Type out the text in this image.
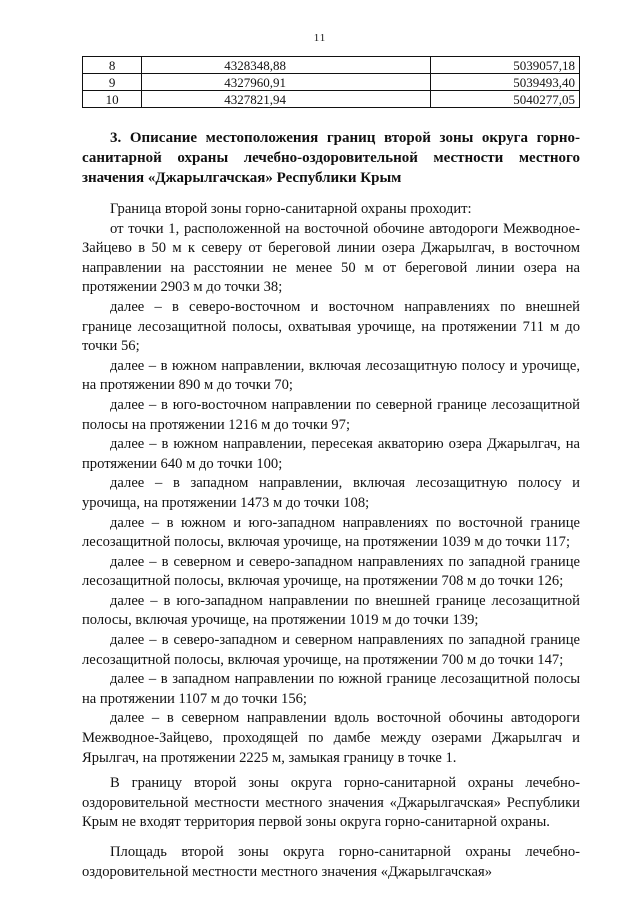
11
8	4328348,88	5039057,18
9	4327960,91	5039493,40
10	4327821,94	5040277,05
3. Описание местоположения границ второй зоны округа горно-санитарной охраны лечебно-оздоровительной местности местного значения «Джарылгачская» Республики Крым

Граница второй зоны горно-санитарной охраны проходит:

от точки 1, расположенной на восточной обочине автодороги Межводное-Зайцево в 50 м к северу от береговой линии озера Джарылгач, в восточном направлении на расстоянии не менее 50 м от береговой линии озера на протяжении 2903 м до точки 38;

далее – в северо-восточном и восточном направлениях по внешней границе лесозащитной полосы, охватывая урочище, на протяжении 711 м до точки 56;

далее – в южном направлении, включая лесозащитную полосу и урочище, на протяжении 890 м до точки 70;

далее – в юго-восточном направлении по северной границе лесозащитной полосы на протяжении 1216 м до точки 97;

далее – в южном направлении, пересекая акваторию озера Джарылгач, на протяжении 640 м до точки 100;

далее – в западном направлении, включая лесозащитную полосу и урочища, на протяжении 1473 м до точки 108;

далее – в южном и юго-западном направлениях по восточной границе лесозащитной полосы, включая урочище, на протяжении 1039 м до точки 117;

далее – в северном и северо-западном направлениях по западной границе лесозащитной полосы, включая урочище, на протяжении 708 м до точки 126;

далее – в юго-западном направлении по внешней границе лесозащитной полосы, включая урочище, на протяжении 1019 м до точки 139;

далее – в северо-западном и северном направлениях по западной границе лесозащитной полосы, включая урочище, на протяжении 700 м до точки 147;

далее – в западном направлении по южной границе лесозащитной полосы на протяжении 1107 м до точки 156;

далее – в северном направлении вдоль восточной обочины автодороги Межводное-Зайцево, проходящей по дамбе между озерами Джарылгач и Ярылгач, на протяжении 2225 м, замыкая границу в точке 1.

В границу второй зоны округа горно-санитарной охраны лечебно-оздоровительной местности местного значения «Джарылгачская» Республики Крым не входят территория первой зоны округа горно-санитарной охраны.

Площадь второй зоны округа горно-санитарной охраны лечебно-оздоровительной местности местного значения «Джарылгачская»
